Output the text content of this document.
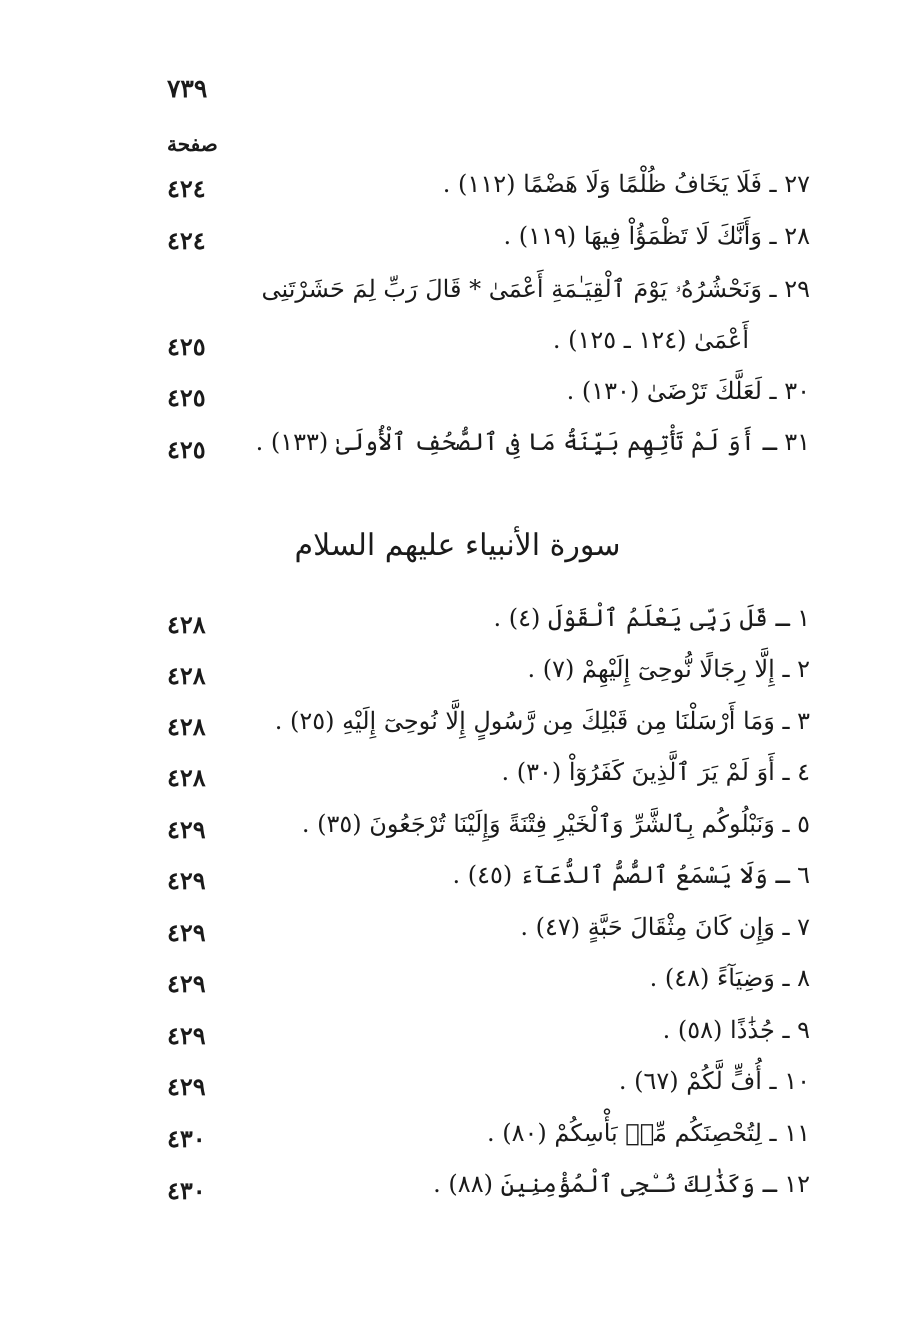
٧٣٩
صفحة
٢٧ ـ فَلَا يَخَافُ ظُلْمًا وَلَا هَضْمًا (١١٢) .
٤٢٤
٢٨ ـ وَأَنَّكَ لَا تَظْمَؤُاْ فِيهَا (١١٩) .
٤٢٤
٢٩ ـ وَنَحْشُرُهُۥ يَوْمَ ٱلْقِيَـٰمَةِ أَعْمَىٰ * قَالَ رَبِّ لِمَ حَشَرْتَنِى
أَعْمَىٰ (١٢٤ ـ ١٢٥) .
٤٢٥
٣٠ ـ لَعَلَّكَ تَرْضَىٰ (١٣٠) .
٤٢٥
٣١ ـ أَوَ لَمْ تَأْتِهِم بَيِّنَةُ مَا فِى ٱلصُّحُفِ ٱلْأُولَىٰ (١٣٣) .
٤٢٥
سورة الأنبياء عليهم السلام
١ ـ قَلَ رَبِّى يَعْلَمُ ٱلْقَوْلَ (٤) .
٤٢٨
٢ ـ إِلَّا رِجَالًا نُّوحِىٓ إِلَيْهِمْ (٧) .
٤٢٨
٣ ـ وَمَا أَرْسَلْنَا مِن قَبْلِكَ مِن رَّسُولٍ إِلَّا نُوحِىٓ إِلَيْهِ (٢٥) .
٤٢٨
٤ ـ أَوَ لَمْ يَرَ ٱلَّذِينَ كَفَرُوٓاْ (٣٠) .
٤٢٨
٥ ـ وَنَبْلُوكُم بِٱلشَّرِّ وَٱلْخَيْرِ فِتْنَةً وَإِلَيْنَا تُرْجَعُونَ (٣٥) .
٤٢٩
٦ ـ وَلَا يَسْمَعُ ٱلصُّمُّ ٱلدُّعَآءَ (٤٥) .
٤٢٩
٧ ـ وَإِن كَانَ مِثْقَالَ حَبَّةٍ (٤٧) .
٤٢٩
٨ ـ وَضِيَآءً (٤٨) .
٤٢٩
٩ ـ جُذَٰذًا (٥٨) .
٤٢٩
١٠ ـ أُفٍّ لَّكُمْ (٦٧) .
٤٢٩
١١ ـ لِتُحْصِنَكُم مِّنۢ بَأْسِكُمْ (٨٠) .
٤٣٠
١٢ ـ وَكَذَٰلِكَ نُـۨجِى ٱلْمُؤْمِنِينَ (٨٨) .
٤٣٠
